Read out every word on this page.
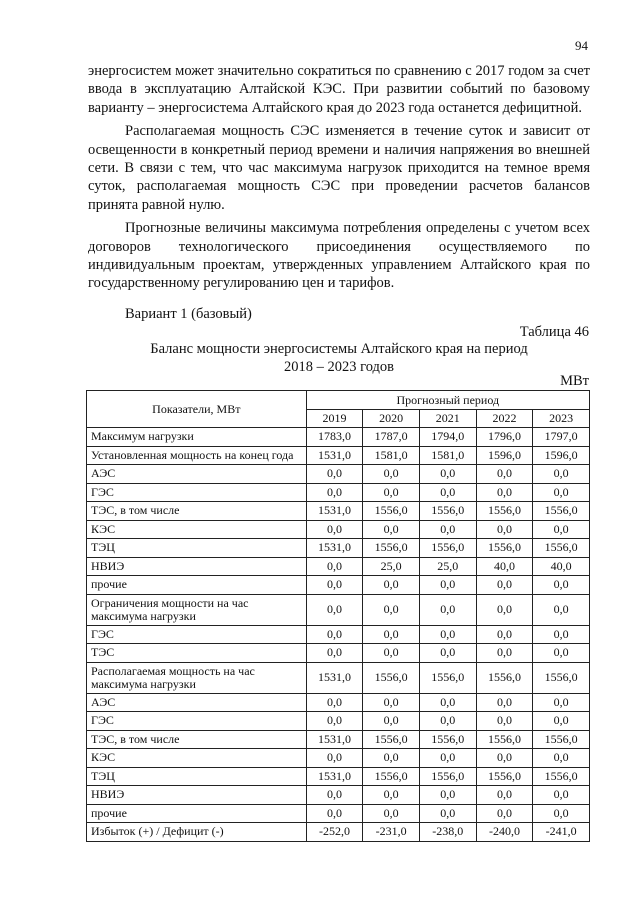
94

энергосистем может значительно сократиться по сравнению с 2017 годом за счет ввода в эксплуатацию Алтайской КЭС. При развитии событий по базовому варианту – энергосистема Алтайского края до 2023 года останется дефицитной.

Располагаемая мощность СЭС изменяется в течение суток и зависит от освещенности в конкретный период времени и наличия напряжения во внешней сети. В связи с тем, что час максимума нагрузок приходится на темное время суток, располагаемая мощность СЭС при проведении расчетов балансов принята равной нулю.

Прогнозные величины максимума потребления определены с учетом всех договоров технологического присоединения осуществляемого по индивидуальным проектам, утвержденных управлением Алтайского края по государственному регулированию цен и тарифов.

Вариант 1 (базовый)
Таблица 46
Баланс мощности энергосистемы Алтайского края на период
2018 – 2023 годов
МВт
Показатели, МВт	Прогнозный период				
	2019	2020	2021	2022	2023
Максимум нагрузки	1783,0	1787,0	1794,0	1796,0	1797,0
Установленная мощность на конец года	1531,0	1581,0	1581,0	1596,0	1596,0
АЭС	0,0	0,0	0,0	0,0	0,0
ГЭС	0,0	0,0	0,0	0,0	0,0
ТЭС, в том числе	1531,0	1556,0	1556,0	1556,0	1556,0
КЭС	0,0	0,0	0,0	0,0	0,0
ТЭЦ	1531,0	1556,0	1556,0	1556,0	1556,0
НВИЭ	0,0	25,0	25,0	40,0	40,0
прочие	0,0	0,0	0,0	0,0	0,0
Ограничения мощности на час максимума нагрузки	0,0	0,0	0,0	0,0	0,0
ГЭС	0,0	0,0	0,0	0,0	0,0
ТЭС	0,0	0,0	0,0	0,0	0,0
Располагаемая мощность на час максимума нагрузки	1531,0	1556,0	1556,0	1556,0	1556,0
АЭС	0,0	0,0	0,0	0,0	0,0
ГЭС	0,0	0,0	0,0	0,0	0,0
ТЭС, в том числе	1531,0	1556,0	1556,0	1556,0	1556,0
КЭС	0,0	0,0	0,0	0,0	0,0
ТЭЦ	1531,0	1556,0	1556,0	1556,0	1556,0
НВИЭ	0,0	0,0	0,0	0,0	0,0
прочие	0,0	0,0	0,0	0,0	0,0
Избыток (+) / Дефицит (-)	-252,0	-231,0	-238,0	-240,0	-241,0
